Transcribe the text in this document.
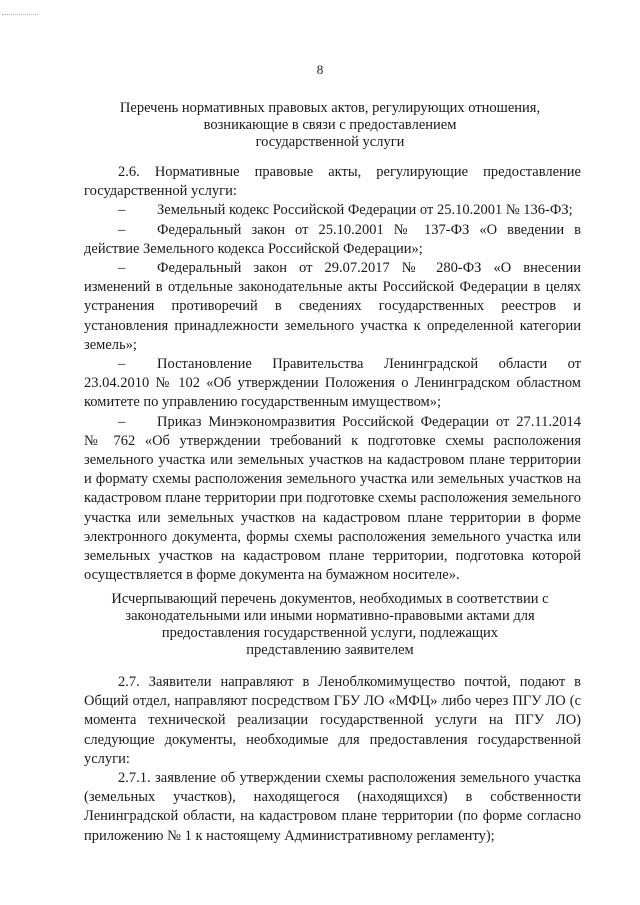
8
Перечень нормативных правовых актов, регулирующих отношения,
возникающие в связи с предоставлением
государственной услуги

2.6. Нормативные правовые акты, регулирующие предоставление государственной услуги:

– Земельный кодекс Российской Федерации от 25.10.2001 № 136-ФЗ;

– Федеральный закон от 25.10.2001 № 137-ФЗ «О введении в действие Земельного кодекса Российской Федерации»;

– Федеральный закон от 29.07.2017 № 280-ФЗ «О внесении изменений в отдельные законодательные акты Российской Федерации в целях устранения противоречий в сведениях государственных реестров и установления принадлежности земельного участка к определенной категории земель»;

– Постановление Правительства Ленинградской области от 23.04.2010 № 102 «Об утверждении Положения о Ленинградском областном комитете по управлению государственным имуществом»;

– Приказ Минэкономразвития Российской Федерации от 27.11.2014 № 762 «Об утверждении требований к подготовке схемы расположения земельного участка или земельных участков на кадастровом плане территории и формату схемы расположения земельного участка или земельных участков на кадастровом плане территории при подготовке схемы расположения земельного участка или земельных участков на кадастровом плане территории в форме электронного документа, формы схемы расположения земельного участка или земельных участков на кадастровом плане территории, подготовка которой осуществляется в форме документа на бумажном носителе».

Исчерпывающий перечень документов, необходимых в соответствии с
законодательными или иными нормативно-правовыми актами для
предоставления государственной услуги, подлежащих
представлению заявителем

2.7. Заявители направляют в Леноблкомимущество почтой, подают в Общий отдел, направляют посредством ГБУ ЛО «МФЦ» либо через ПГУ ЛО (с момента технической реализации государственной услуги на ПГУ ЛО) следующие документы, необходимые для предоставления государственной услуги:

2.7.1. заявление об утверждении схемы расположения земельного участка (земельных участков), находящегося (находящихся) в собственности Ленинградской области, на кадастровом плане территории (по форме согласно приложению № 1 к настоящему Административному регламенту);
